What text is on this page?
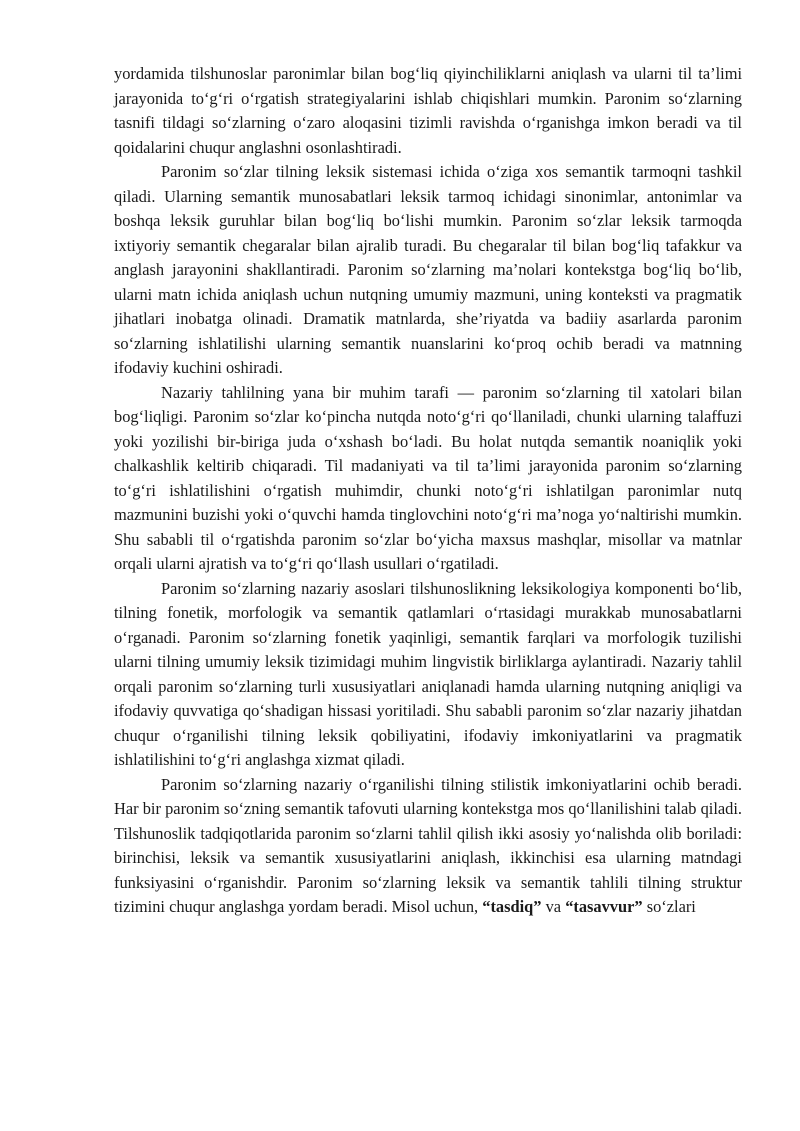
yordamida tilshunoslar paronimlar bilan bog‘liq qiyinchiliklarni aniqlash va ularni til ta’limi jarayonida to‘g‘ri o‘rgatish strategiyalarini ishlab chiqishlari mumkin. Paronim so‘zlarning tasnifi tildagi so‘zlarning o‘zaro aloqasini tizimli ravishda o‘rganishga imkon beradi va til qoidalarini chuqur anglashni osonlashtiradi.

Paronim so‘zlar tilning leksik sistemasi ichida o‘ziga xos semantik tarmoqni tashkil qiladi. Ularning semantik munosabatlari leksik tarmoq ichidagi sinonimlar, antonimlar va boshqa leksik guruhlar bilan bog‘liq bo‘lishi mumkin. Paronim so‘zlar leksik tarmoqda ixtiyoriy semantik chegaralar bilan ajralib turadi. Bu chegaralar til bilan bog‘liq tafakkur va anglash jarayonini shakllantiradi. Paronim so‘zlarning ma’nolari kontekstga bog‘liq bo‘lib, ularni matn ichida aniqlash uchun nutqning umumiy mazmuni, uning konteksti va pragmatik jihatlari inobatga olinadi. Dramatik matnlarda, she’riyatda va badiiy asarlarda paronim so‘zlarning ishlatilishi ularning semantik nuanslarini ko‘proq ochib beradi va matnning ifodaviy kuchini oshiradi.

Nazariy tahlilning yana bir muhim tarafi — paronim so‘zlarning til xatolari bilan bog‘liqligi. Paronim so‘zlar ko‘pincha nutqda noto‘g‘ri qo‘llaniladi, chunki ularning talaffuzi yoki yozilishi bir-biriga juda o‘xshash bo‘ladi. Bu holat nutqda semantik noaniqlik yoki chalkashlik keltirib chiqaradi. Til madaniyati va til ta’limi jarayonida paronim so‘zlarning to‘g‘ri ishlatilishini o‘rgatish muhimdir, chunki noto‘g‘ri ishlatilgan paronimlar nutq mazmunini buzishi yoki o‘quvchi hamda tinglovchini noto‘g‘ri ma’noga yo‘naltirishi mumkin. Shu sababli til o‘rgatishda paronim so‘zlar bo‘yicha maxsus mashqlar, misollar va matnlar orqali ularni ajratish va to‘g‘ri qo‘llash usullari o‘rgatiladi.

Paronim so‘zlarning nazariy asoslari tilshunoslikning leksikologiya komponenti bo‘lib, tilning fonetik, morfologik va semantik qatlamlari o‘rtasidagi murakkab munosabatlarni o‘rganadi. Paronim so‘zlarning fonetik yaqinligi, semantik farqlari va morfologik tuzilishi ularni tilning umumiy leksik tizimidagi muhim lingvistik birliklarga aylantiradi. Nazariy tahlil orqali paronim so‘zlarning turli xususiyatlari aniqlanadi hamda ularning nutqning aniqligi va ifodaviy quvvatiga qo‘shadigan hissasi yoritiladi. Shu sababli paronim so‘zlar nazariy jihatdan chuqur o‘rganilishi tilning leksik qobiliyatini, ifodaviy imkoniyatlarini va pragmatik ishlatilishini to‘g‘ri anglashga xizmat qiladi.

Paronim so‘zlarning nazariy o‘rganilishi tilning stilistik imkoniyatlarini ochib beradi. Har bir paronim so‘zning semantik tafovuti ularning kontekstga mos qo‘llanilishini talab qiladi. Tilshunoslik tadqiqotlarida paronim so‘zlarni tahlil qilish ikki asosiy yo‘nalishda olib boriladi: birinchisi, leksik va semantik xususiyatlarini aniqlash, ikkinchisi esa ularning matndagi funksiyasini o‘rganishdir. Paronim so‘zlarning leksik va semantik tahlili tilning struktur tizimini chuqur anglashga yordam beradi. Misol uchun, “tasdiq” va “tasavvur” so‘zlari
